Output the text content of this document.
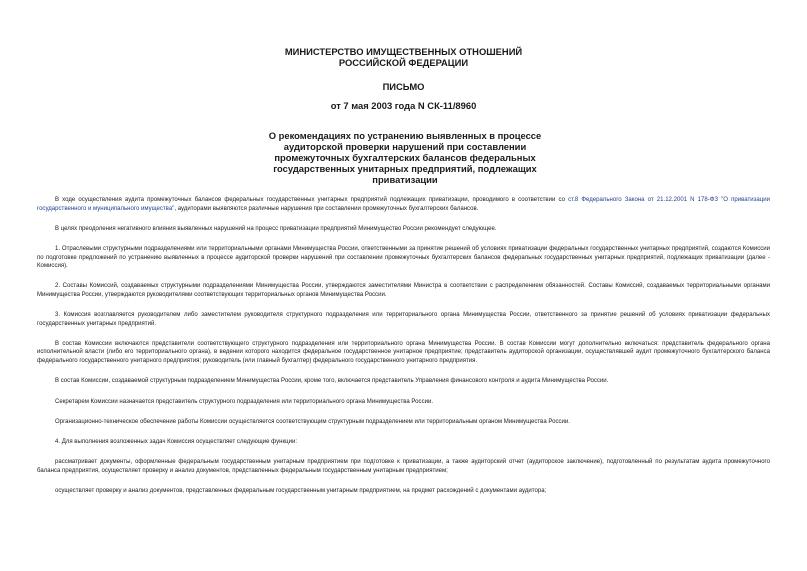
МИНИСТЕРСТВО ИМУЩЕСТВЕННЫХ ОТНОШЕНИЙ

РОССИЙСКОЙ ФЕДЕРАЦИИ

ПИСЬМО

от 7 мая 2003 года N СК-11/8960

О рекомендациях по устранению выявленных в процессе аудиторской проверки нарушений при составлении промежуточных бухгалтерских балансов федеральных государственных унитарных предприятий, подлежащих приватизации

В ходе осуществления аудита промежуточных балансов федеральных государственных унитарных предприятий подлежащих приватизации, проводимого в соответствии со ст.8 Федерального Закона от 21.12.2001 N 178-ФЗ "О приватизации государственного и муниципального имущества", аудиторами выявляются различные нарушения при составлении промежуточных бухгалтерских балансов.

В целях преодоления негативного влияния выявленных нарушений на процесс приватизации предприятий Минимущество России рекомендует следующее.

1. Отраслевыми структурными подразделениями или территориальными органами Минимущества России, ответственными за принятие решений об условиях приватизации федеральных государственных унитарных предприятий, создаются Комиссии по подготовке предложений по устранению выявленных в процессе аудиторской проверки нарушений при составлении промежуточных бухгалтерских балансов федеральных государственных унитарных предприятий, подлежащих приватизации (далее - Комиссия).

2. Составы Комиссий, создаваемых структурными подразделениями Минимущества России, утверждаются заместителями Министра в соответствии с распределением обязанностей. Составы Комиссий, создаваемых территориальными органами Минимущества России, утверждаются руководителями соответствующих территориальных органов Минимущества России.

3. Комиссия возглавляется руководителем либо заместителем руководителя структурного подразделения или территориального органа Минимущества России, ответственного за принятие решений об условиях приватизации федеральных государственных унитарных предприятий.

В состав Комиссии включаются представители соответствующего структурного подразделения или территориального органа Минимущества России. В состав Комиссии могут дополнительно включаться: представитель федерального органа исполнительной власти (либо его территориального органа), в ведении которого находится федеральное государственное унитарное предприятие; представитель аудиторской организации, осуществлявшей аудит промежуточного бухгалтерского баланса федерального государственного унитарного предприятия; руководитель (или главный бухгалтер) федерального государственного унитарного предприятия.

В состав Комиссии, создаваемой структурным подразделением Минимущества России, кроме того, включается представитель Управления финансового контроля и аудита Минимущества России.

Секретарем Комиссии назначается представитель структурного подразделения или территориального органа Минимущества России.

Организационно-техническое обеспечение работы Комиссии осуществляется соответствующим структурным подразделением или территориальным органом Минимущества России.

4. Для выполнения возложенных задач Комиссия осуществляет следующие функции:

рассматривает документы, оформленные федеральным государственным унитарным предприятием при подготовке к приватизации, а также аудиторский отчет (аудиторское заключение), подготовленный по результатам аудита промежуточного баланса предприятия, осуществляет проверку и анализ документов, представленных федеральным государственным унитарным предприятием;

осуществляет проверку и анализ документов, представленных федеральным государственным унитарным предприятием, на предмет расхождений с документами аудитора;
